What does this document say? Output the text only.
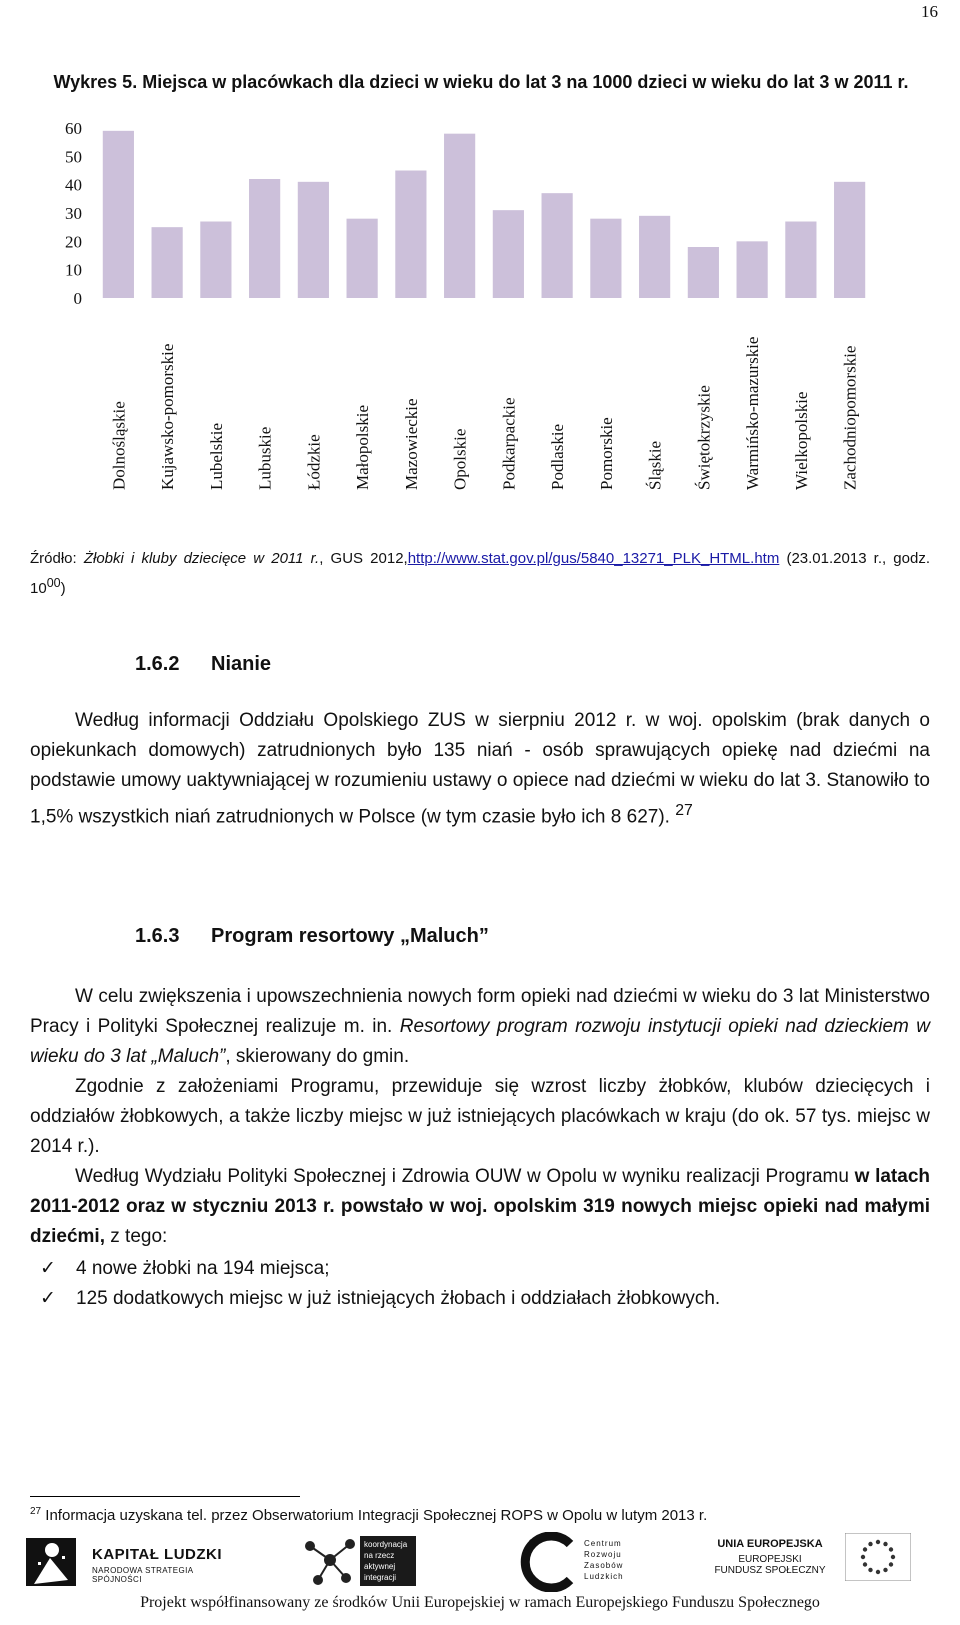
16
Wykres 5. Miejsca w placówkach dla dzieci w wieku do lat 3 na 1000 dzieci w wieku do lat 3 w 2011 r.
0
10
20
30
40
50
60
Dolnośląskie Kujawsko-pomorskie Lubelskie Lubuskie Łódzkie Małopolskie Mazowieckie Opolskie Podkarpackie Podlaskie Pomorskie Śląskie Świętokrzyskie Warmińsko-mazurskie Wielkopolskie Zachodniopomorskie
Źródło: Żłobki i kluby dziecięce w 2011 r., GUS 2012,http://www.stat.gov.pl/gus/5840_13271_PLK_HTML.htm (23.01.2013 r., godz. $10^{00}$)
1.6.2 Nianie
Według informacji Oddziału Opolskiego ZUS w sierpniu 2012 r. w woj. opolskim (brak danych o opiekunkach domowych) zatrudnionych było 135 niań - osób sprawujących opiekę nad dziećmi na podstawie umowy uaktywniającej w rozumieniu ustawy o opiece nad dziećmi w wieku do lat 3. Stanowiło to 1,5% wszystkich niań zatrudnionych w Polsce (w tym czasie było ich 8 627). $^{27}$
1.6.3 Program resortowy „Maluch”
W celu zwiększenia i upowszechnienia nowych form opieki nad dziećmi w wieku do 3 lat Ministerstwo Pracy i Polityki Społecznej realizuje m. in. Resortowy program rozwoju instytucji opieki nad dzieckiem w wieku do 3 lat „Maluch”, skierowany do gmin.
Zgodnie z założeniami Programu, przewiduje się wzrost liczby żłobków, klubów dziecięcych i oddziałów żłobkowych, a także liczby miejsc w już istniejących placówkach w kraju (do ok. 57 tys. miejsc w 2014 r.).
Według Wydziału Polityki Społecznej i Zdrowia OUW w Opolu w wyniku realizacji Programu w latach 2011-2012 oraz w styczniu 2013 r. powstało w woj. opolskim 319 nowych miejsc opieki nad małymi dziećmi, z tego:
✓ 4 nowe żłobki na 194 miejsca;
✓ 125 dodatkowych miejsc w już istniejących żłobach i oddziałach żłobkowych.
$^{27}$ Informacja uzyskana tel. przez Obserwatorium Integracji Społecznej ROPS w Opolu w lutym 2013 r.
KAPITAŁ LUDZKI
NARODOWA STRATEGIA SPÓJNOŚCI
koordynacja
na rzecz
aktywnej
integracji
Centrum
Rozwoju
Zasobów
Ludzkich
UNIA EUROPEJSKA
EUROPEJSKI
FUNDUSZ SPOŁECZNY
Projekt współfinansowany ze środków Unii Europejskiej w ramach Europejskiego Funduszu Społecznego
